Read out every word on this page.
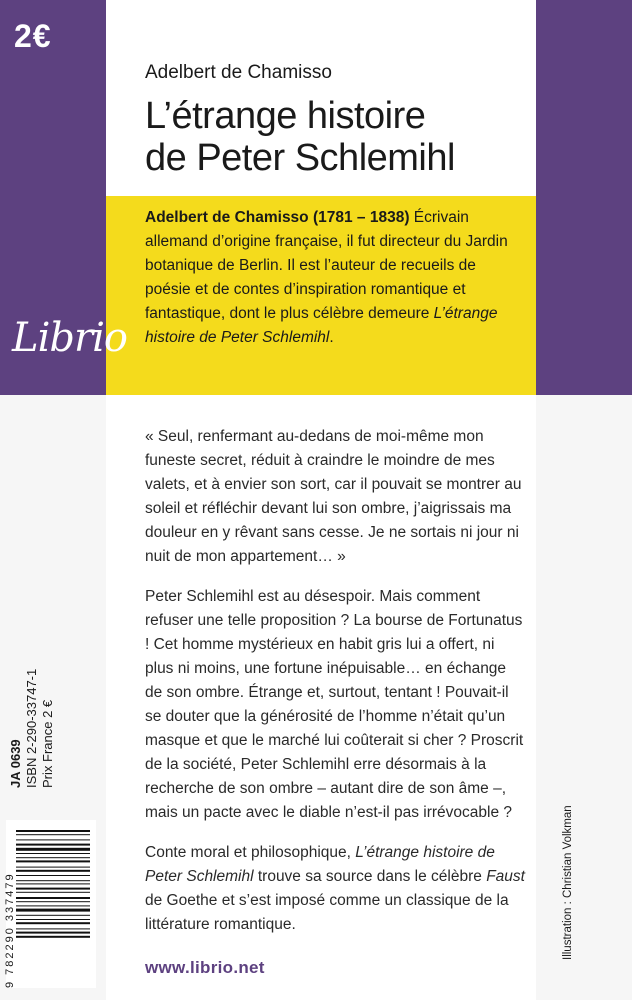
2€
Adelbert de Chamisso
L’étrange histoire
de Peter Schlemihl
Adelbert de Chamisso (1781 – 1838) Écrivain allemand d’origine française, il fut directeur du Jardin botanique de Berlin. Il est l’auteur de recueils de poésie et de contes d’inspiration romantique et fantastique, dont le plus célèbre demeure L’étrange histoire de Peter Schlemihl.
Librio

« Seul, renfermant au-dedans de moi-même mon funeste secret, réduit à craindre le moindre de mes valets, et à envier son sort, car il pouvait se montrer au soleil et réfléchir devant lui son ombre, j’aigrissais ma douleur en y rêvant sans cesse. Je ne sortais ni jour ni nuit de mon appartement… »

Peter Schlemihl est au désespoir. Mais comment refuser une telle proposition ? La bourse de Fortunatus ! Cet homme mystérieux en habit gris lui a offert, ni plus ni moins, une fortune inépuisable… en échange de son ombre. Étrange et, surtout, tentant ! Pouvait-il se douter que la générosité de l’homme n’était qu’un masque et que le marché lui coûterait si cher ? Proscrit de la société, Peter Schlemihl erre désormais à la recherche de son ombre – autant dire de son âme –, mais un pacte avec le diable n’est-il pas irrévocable ?

Conte moral et philosophique, L’étrange histoire de Peter Schlemihl trouve sa source dans le célèbre Faust de Goethe et s’est imposé comme un classique de la littérature romantique.

www.librio.net
JA 0639 ISBN 2-290-33747-1 Prix France 2 €
9 782290 337479	Illustration : Christian Volkman
